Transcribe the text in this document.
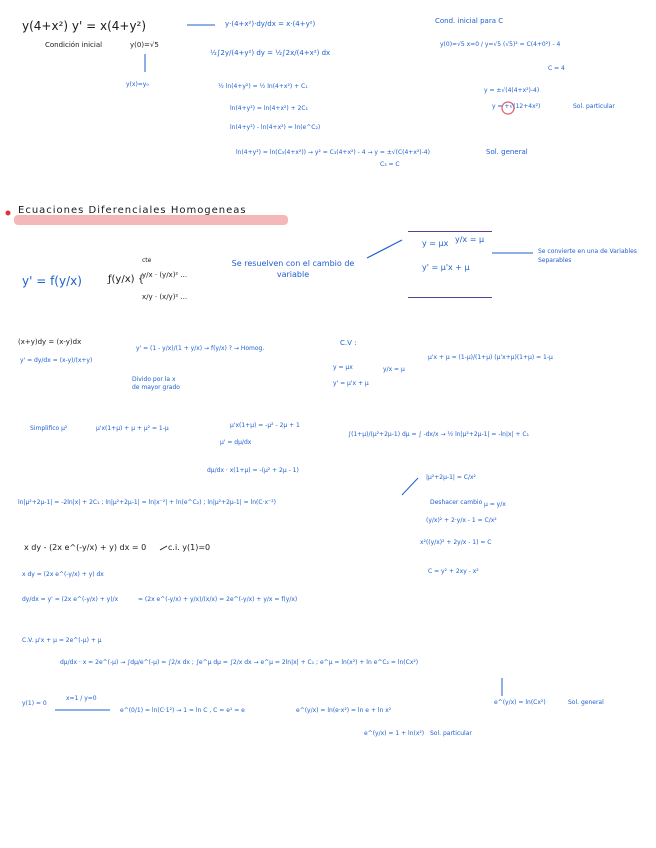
y(4+x²) y' = x(4+y²)
Condición inicial	y(0)=√5
y(x)=y₀
y·(4+x²)·dy/dx = x·(4+y²)
½∫2y/(4+y²) dy = ½∫2x/(4+x²) dx
½ ln(4+y²) = ½ ln(4+x²) + C₁
ln(4+y²) = ln(4+x²) + 2C₁
ln(4+y²) - ln(4+x²) = ln(e^C₂)
ln(4+y²) = ln(C₃(4+x²)) → y² = C₃(4+x²) - 4 → y = ±√(C(4+x²)-4)
C₃ = C
Sol. general
Cond. inicial para C
y(0)=√5 x=0 / y=√5 (√5)² = C(4+0²) - 4
C = 4
y = ±√(4(4+x²)-4)
y = +√(12+4x²)	Sol. particular
Ecuaciones Diferenciales Homogeneas
y' = f(y/x)	ƒ(y/x) {
cte
y/x · (y/x)² ...
x/y · (x/y)² ...
Se resuelven con el cambio de variable
y = μx
y' = μ'x + μ
y/x = μ
Se convierte en una de Variables Separables
(x+y)dy = (x-y)dx
y' = dy/dx = (x-y)/(x+y)
y' = (1 - y/x)/(1 + y/x) → f(y/x) ? → Homog.
Divido por la x de mayor grado
C.V :
y = μx
y' = μ'x + μ
y/x = μ
μ'x + μ = (1-μ)/(1+μ) (μ'x+μ)(1+μ) = 1-μ
Simplifico μ²	μ'x(1+μ) + μ + μ² = 1-μ	μ'x(1+μ) = -μ² - 2μ + 1
μ' = dμ/dx
dμ/dx · x(1+μ) = -(μ² + 2μ - 1)
∫(1+μ)/(μ²+2μ-1) dμ = ∫ -dx/x → ½ ln|μ²+2μ-1| = -ln|x| + C₁
ln|μ²+2μ-1| = -2ln|x| + 2C₁ ; ln|μ²+2μ-1| = ln|x⁻²| + ln(e^C₂) ; ln|μ²+2μ-1| = ln(C·x⁻²)
|μ²+2μ-1| = C/x²
Deshacer cambio μ = y/x
(y/x)² + 2·y/x - 1 = C/x²
x²((y/x)² + 2y/x - 1) = C
C = y² + 2xy - x²
x dy - (2x e^(-y/x) + y) dx = 0	c.i. y(1)=0
x dy = (2x e^(-y/x) + y) dx
dy/dx = y' = (2x e^(-y/x) + y)/x	= (2x e^(-y/x) + y/x)/(x/x) = 2e^(-y/x) + y/x = f(y/x)
C.V. μ'x + μ = 2e^(-μ) + μ
dμ/dx · x = 2e^(-μ) → ∫dμ/e^(-μ) = ∫2/x dx ; ∫e^μ dμ = ∫2/x dx → e^μ = 2ln|x| + C₁ ; e^μ = ln(x²) + ln e^C₂ = ln(Cx²)
y(1) = 0
x=1 / y=0
e^(0/1) = ln(C·1²) → 1 = ln C , C = e¹ = e	e^(y/x) = ln(e·x²) = ln e + ln x²
e^(y/x) = ln(Cx²)	Sol. general
e^(y/x) = 1 + ln(x²) Sol. particular
